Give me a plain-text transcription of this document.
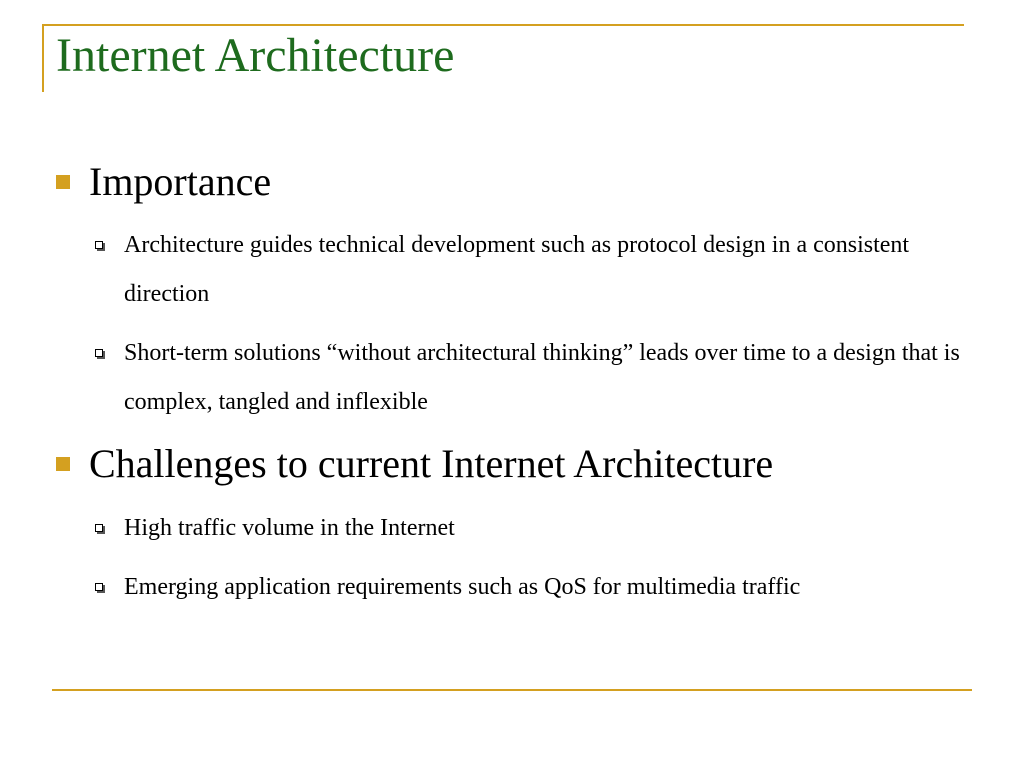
Internet Architecture
Importance
Architecture guides technical development such as protocol design in a consistent direction
Short-term solutions “without architectural thinking” leads over time to a design that is complex, tangled and inflexible
Challenges to current Internet Architecture
High traffic volume in the Internet
Emerging application requirements such as QoS for multimedia traffic
